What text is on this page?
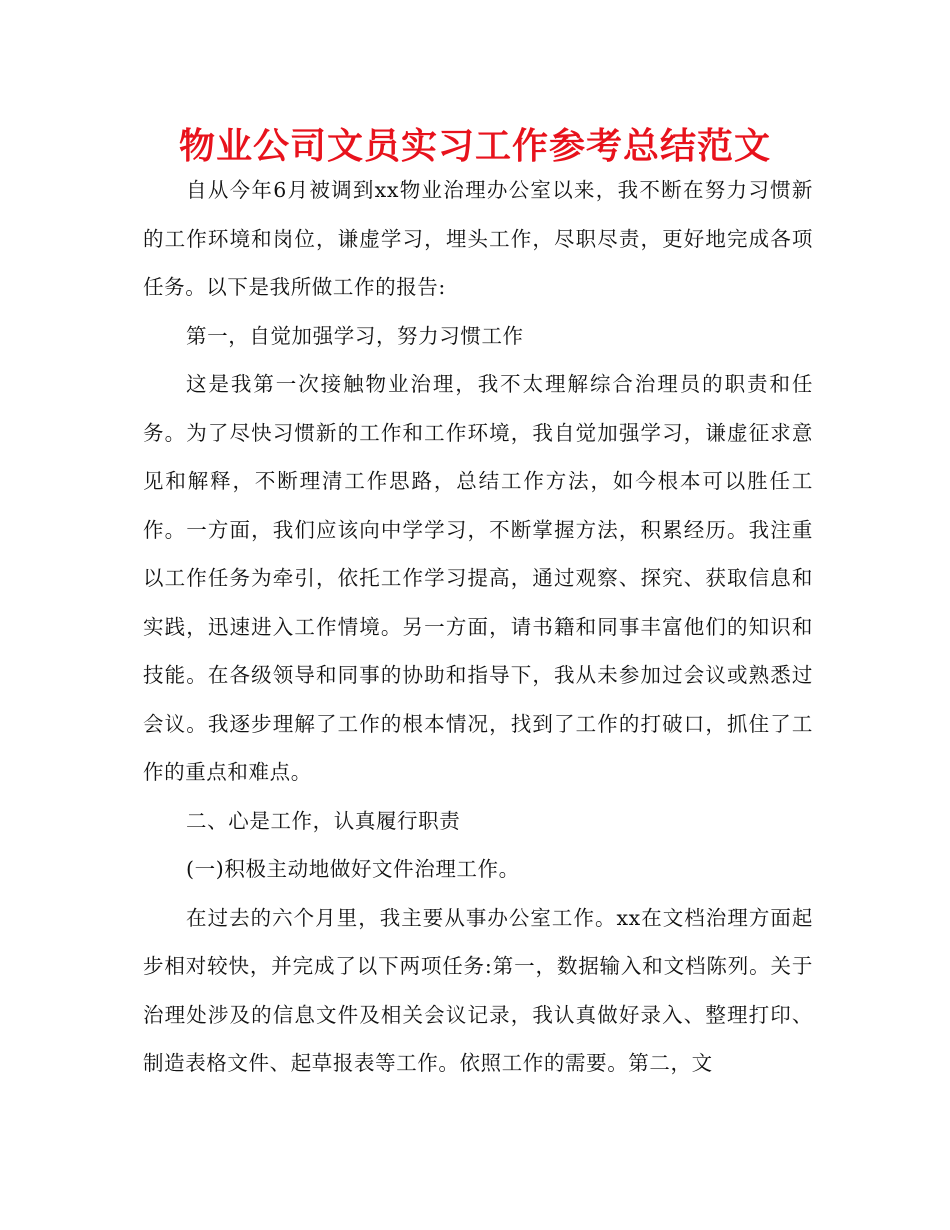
物业公司文员实习工作参考总结范文

自从今年6月被调到xx物业治理办公室以来，我不断在努力习惯新的工作环境和岗位，谦虚学习，埋头工作，尽职尽责，更好地完成各项任务。以下是我所做工作的报告:

第一，自觉加强学习，努力习惯工作

这是我第一次接触物业治理，我不太理解综合治理员的职责和任务。为了尽快习惯新的工作和工作环境，我自觉加强学习，谦虚征求意见和解释，不断理清工作思路，总结工作方法，如今根本可以胜任工作。一方面，我们应该向中学学习，不断掌握方法，积累经历。我注重以工作任务为牵引，依托工作学习提高，通过观察、探究、获取信息和实践，迅速进入工作情境。另一方面，请书籍和同事丰富他们的知识和技能。在各级领导和同事的协助和指导下，我从未参加过会议或熟悉过会议。我逐步理解了工作的根本情况，找到了工作的打破口，抓住了工作的重点和难点。

二、心是工作，认真履行职责

(一)积极主动地做好文件治理工作。

在过去的六个月里，我主要从事办公室工作。xx在文档治理方面起步相对较快，并完成了以下两项任务:第一，数据输入和文档陈列。关于治理处涉及的信息文件及相关会议记录，我认真做好录入、整理打印、制造表格文件、起草报表等工作。依照工作的需要。第二，文
